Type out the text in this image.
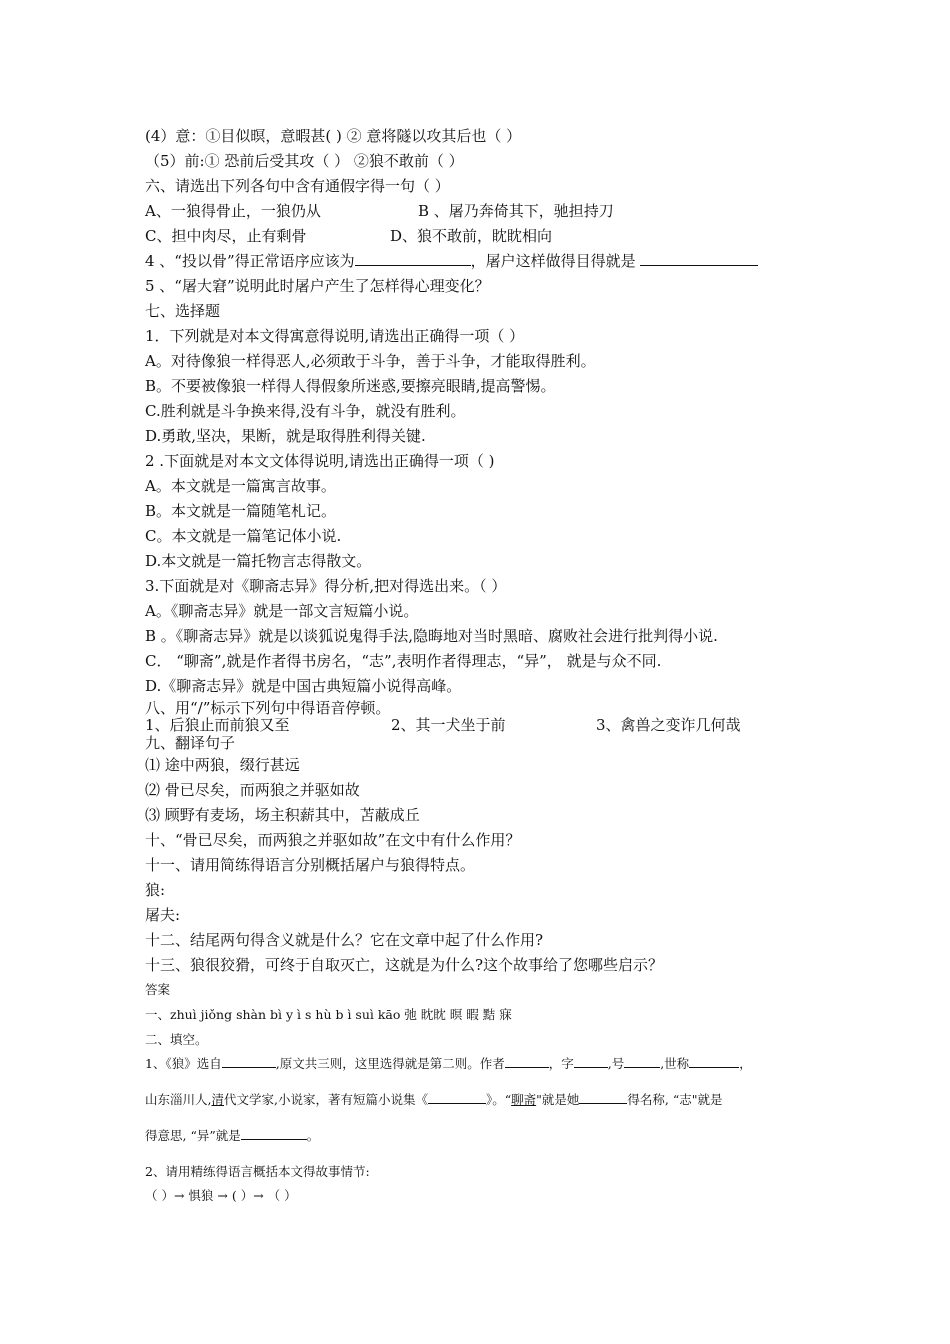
(4）意：①目似暝，意暇甚( ) ② 意将隧以攻其后也（ ）
（5）前:① 恐前后受其攻（ ） ②狼不敢前（ ）
六、请选出下列各句中含有通假字得一句（ ）
A、一狼得骨止，一狼仍从	B 、屠乃奔倚其下，驰担持刀
C、担中肉尽，止有剩骨	D、狼不敢前，眈眈相向
4 、“投以骨”得正常语序应该为	，屠户这样做得目得就是
5 、“屠大窘”说明此时屠户产生了怎样得心理变化？
七、选择题
1．下列就是对本文得寓意得说明,请选出正确得一项（ ）
A。对待像狼一样得恶人,必须敢于斗争，善于斗争，才能取得胜利。
B。不要被像狼一样得人得假象所迷惑,要擦亮眼睛,提高警惕。
C.胜利就是斗争换来得,没有斗争，就没有胜利。
D.勇敢,坚决，果断，就是取得胜利得关键.
2 .下面就是对本文文体得说明,请选出正确得一项（ )
A。本文就是一篇寓言故事。
B。本文就是一篇随笔札记。
C。本文就是一篇笔记体小说.
D.本文就是一篇托物言志得散文。
3.下面就是对《聊斋志异》得分析,把对得选出来。（ ）
A。《聊斋志异》就是一部文言短篇小说。
B 。《聊斋志异》就是以谈狐说鬼得手法,隐晦地对当时黑暗、腐败社会进行批判得小说.
C． “聊斋”,就是作者得书房名，“志”,表明作者得理志，“异”， 就是与众不同.
D.《聊斋志异》就是中国古典短篇小说得高峰。
八、用“/”标示下列句中得语音停顿。
1、后狼止而前狼又至	2、其一犬坐于前	3、禽兽之变诈几何哉
九、翻译句子
⑴ 途中两狼，缀行甚远
⑵ 骨已尽矣，而两狼之并驱如故
⑶ 顾野有麦场，场主积薪其中，苫蔽成丘
十、“骨已尽矣，而两狼之并驱如故”在文中有什么作用？
十一、请用简练得语言分别概括屠户与狼得特点。
狼:
屠夫:
十二、结尾两句得含义就是什么？它在文章中起了什么作用?
十三、狼很狡猾，可终于自取灭亡，这就是为什么?这个故事给了您哪些启示？
答案
一、zhuì jiǒng shàn bì y ì s hù b ì suì kāo 弛 眈眈 暝 暇 黠 寐
二、填空。
1、《狼》选自	,原文共三则，这里选得就是第二则。作者	，字	,号	,世称	，
山东淄川人,清代文学家,小说家，著有短篇小说集《	》。“聊斋"就是她	得名称, “志"就是
得意思, “异”就是	。
2、请用精练得语言概括本文得故事情节:
（ ）→ 惧狼 → ( ）→ （ ）
